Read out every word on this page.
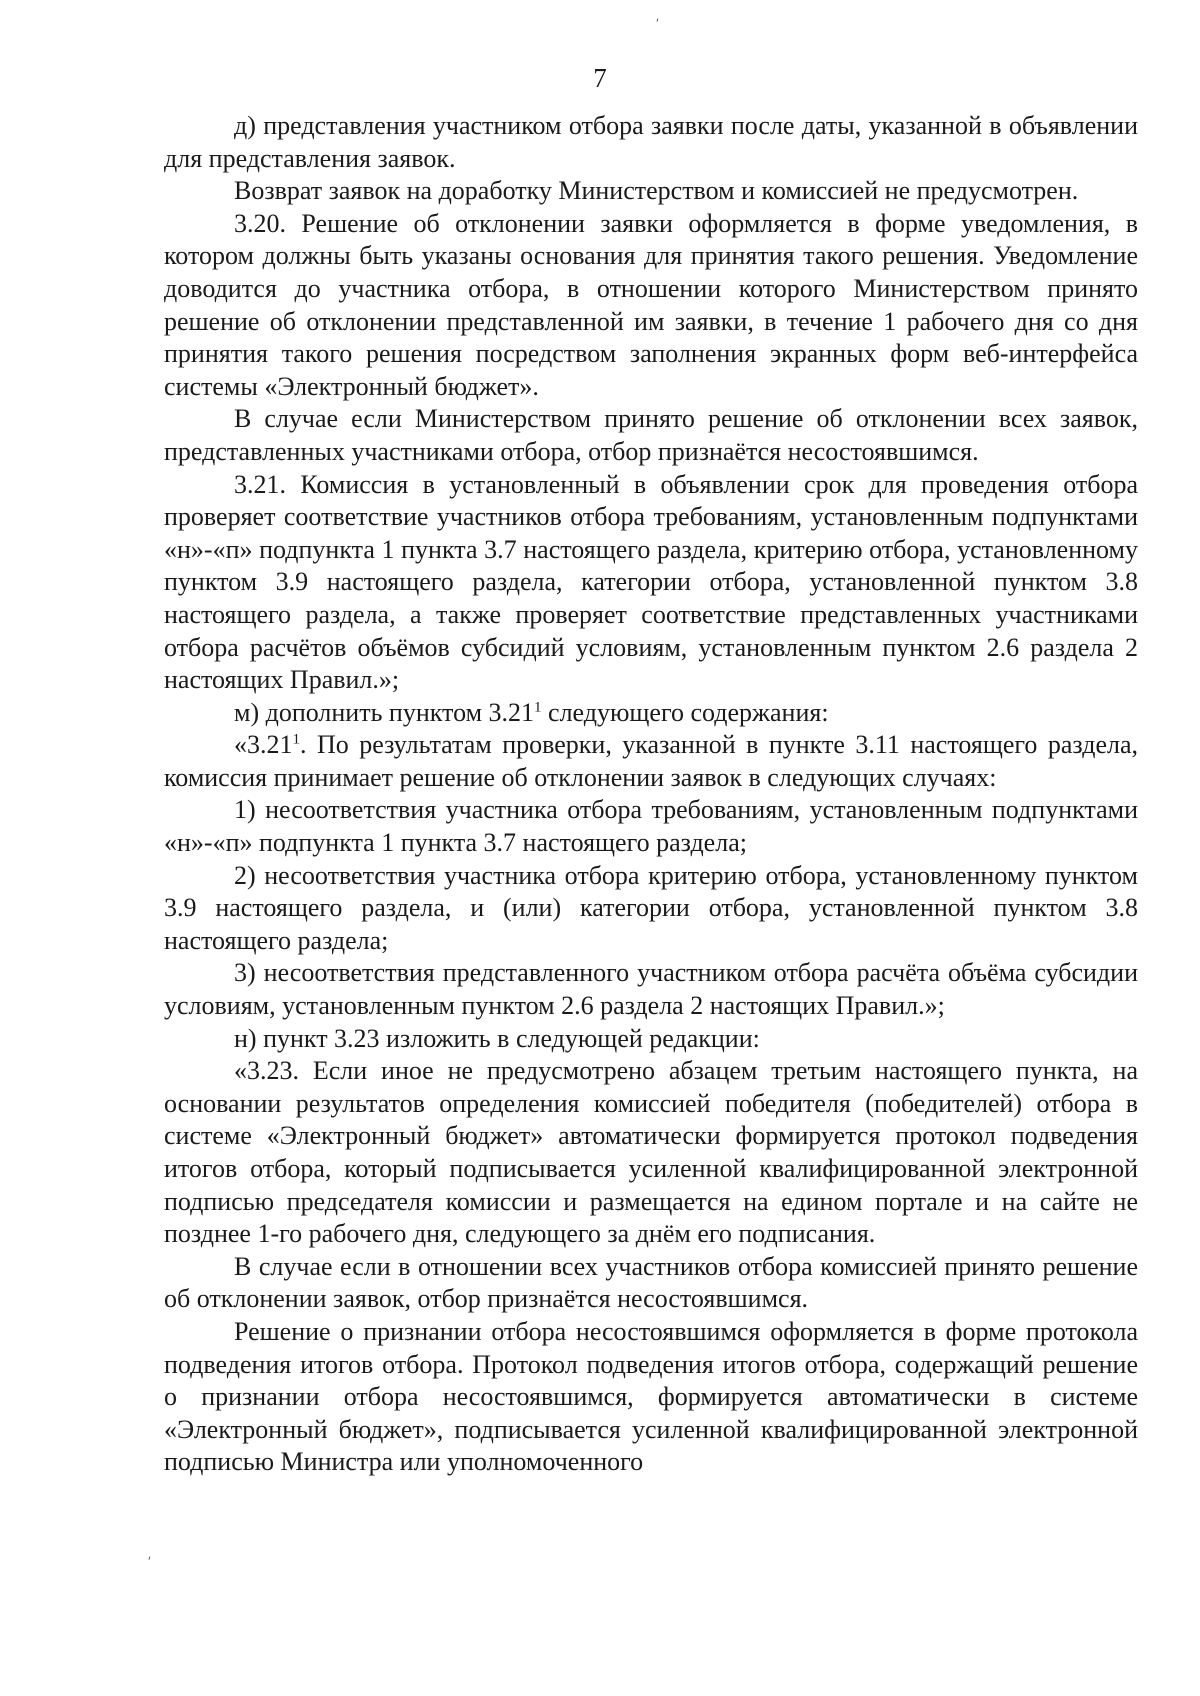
ʹ
7

д) представления участником отбора заявки после даты, указанной в объявлении для представления заявок.

Возврат заявок на доработку Министерством и комиссией не предусмотрен.

3.20. Решение об отклонении заявки оформляется в форме уведомления, в котором должны быть указаны основания для принятия такого решения. Уведомление доводится до участника отбора, в отношении которого Министерством принято решение об отклонении представленной им заявки, в течение 1 рабочего дня со дня принятия такого решения посредством заполнения экранных форм веб-интерфейса системы «Электронный бюджет».

В случае если Министерством принято решение об отклонении всех заявок, представленных участниками отбора, отбор признаётся несостоявшимся.

3.21. Комиссия в установленный в объявлении срок для проведения отбора проверяет соответствие участников отбора требованиям, установленным подпунктами «н»-«п» подпункта 1 пункта 3.7 настоящего раздела, критерию отбора, установленному пунктом 3.9 настоящего раздела, категории отбора, установленной пунктом 3.8 настоящего раздела, а также проверяет соответствие представленных участниками отбора расчётов объёмов субсидий условиям, установленным пунктом 2.6 раздела 2 настоящих Правил.»;

м) дополнить пунктом 3.21$^1$ следующего содержания:

«3.21$^1$. По результатам проверки, указанной в пункте 3.11 настоящего раздела, комиссия принимает решение об отклонении заявок в следующих случаях:

1) несоответствия участника отбора требованиям, установленным подпунктами «н»-«п» подпункта 1 пункта 3.7 настоящего раздела;

2) несоответствия участника отбора критерию отбора, установленному пунктом 3.9 настоящего раздела, и (или) категории отбора, установленной пунктом 3.8 настоящего раздела;

3) несоответствия представленного участником отбора расчёта объёма субсидии условиям, установленным пунктом 2.6 раздела 2 настоящих Правил.»;

н) пункт 3.23 изложить в следующей редакции:

«3.23. Если иное не предусмотрено абзацем третьим настоящего пункта, на основании результатов определения комиссией победителя (победителей) отбора в системе «Электронный бюджет» автоматически формируется протокол подведения итогов отбора, который подписывается усиленной квалифицированной электронной подписью председателя комиссии и размещается на едином портале и на сайте не позднее 1-го рабочего дня, следующего за днём его подписания.

В случае если в отношении всех участников отбора комиссией принято решение об отклонении заявок, отбор признаётся несостоявшимся.

Решение о признании отбора несостоявшимся оформляется в форме протокола подведения итогов отбора. Протокол подведения итогов отбора, содержащий решение о признании отбора несостоявшимся, формируется автоматически в системе «Электронный бюджет», подписывается усиленной квалифицированной электронной подписью Министра или уполномоченного

ʹ
